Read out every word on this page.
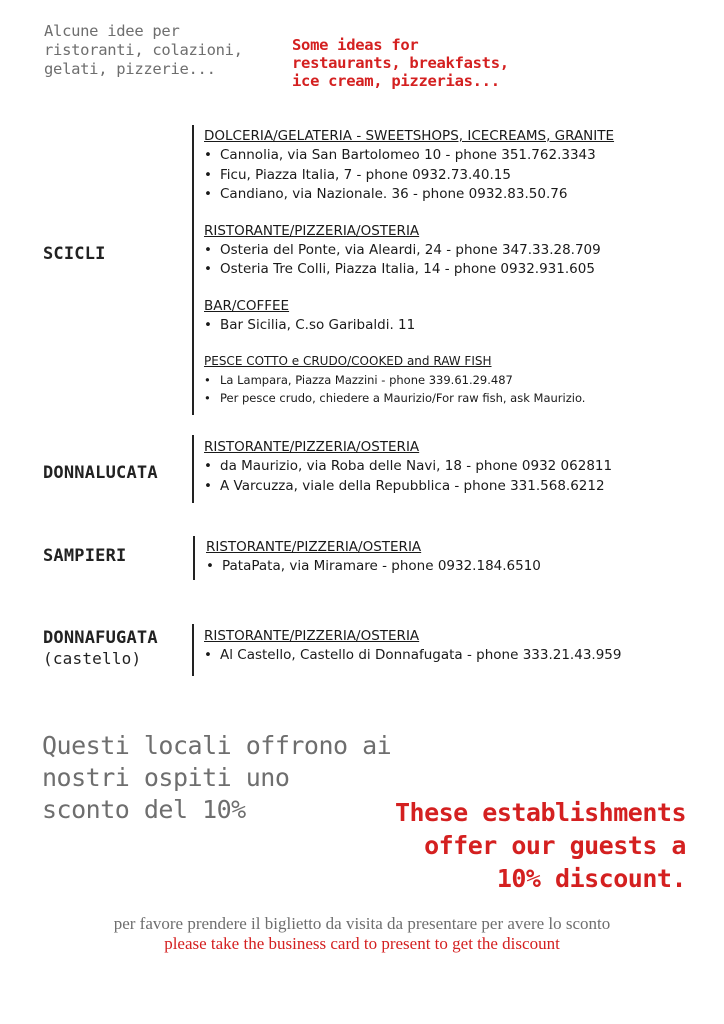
Alcune idee per
ristoranti, colazioni,
gelati, pizzerie...
Some ideas for
restaurants, breakfasts,
ice cream, pizzerias...
SCICLI
DOLCERIA/GELATERIA - SWEETSHOPS, ICECREAMS, GRANITE
• Cannolia, via San Bartolomeo 10 - phone 351.762.3343
• Ficu, Piazza Italia, 7 - phone 0932.73.40.15
• Candiano, via Nazionale. 36 - phone 0932.83.50.76
RISTORANTE/PIZZERIA/OSTERIA
• Osteria del Ponte, via Aleardi, 24 - phone 347.33.28.709
• Osteria Tre Colli, Piazza Italia, 14 - phone 0932.931.605
BAR/COFFEE
• Bar Sicilia, C.so Garibaldi. 11
PESCE COTTO e CRUDO/COOKED and RAW FISH
• La Lampara, Piazza Mazzini - phone 339.61.29.487
• Per pesce crudo, chiedere a Maurizio/For raw fish, ask Maurizio.
DONNALUCATA
RISTORANTE/PIZZERIA/OSTERIA
• da Maurizio, via Roba delle Navi, 18 - phone 0932 062811
• A Varcuzza, viale della Repubblica - phone 331.568.6212
SAMPIERI	RISTORANTE/PIZZERIA/OSTERIA
• PataPata, via Miramare - phone 0932.184.6510
DONNAFUGATA
(castello)
RISTORANTE/PIZZERIA/OSTERIA
• Al Castello, Castello di Donnafugata - phone 333.21.43.959
Questi locali offrono ai
nostri ospiti uno
sconto del 10%	These establishments
offer our guests a
10% discount.
per favore prendere il biglietto da visita da presentare per avere lo sconto
please take the business card to present to get the discount
